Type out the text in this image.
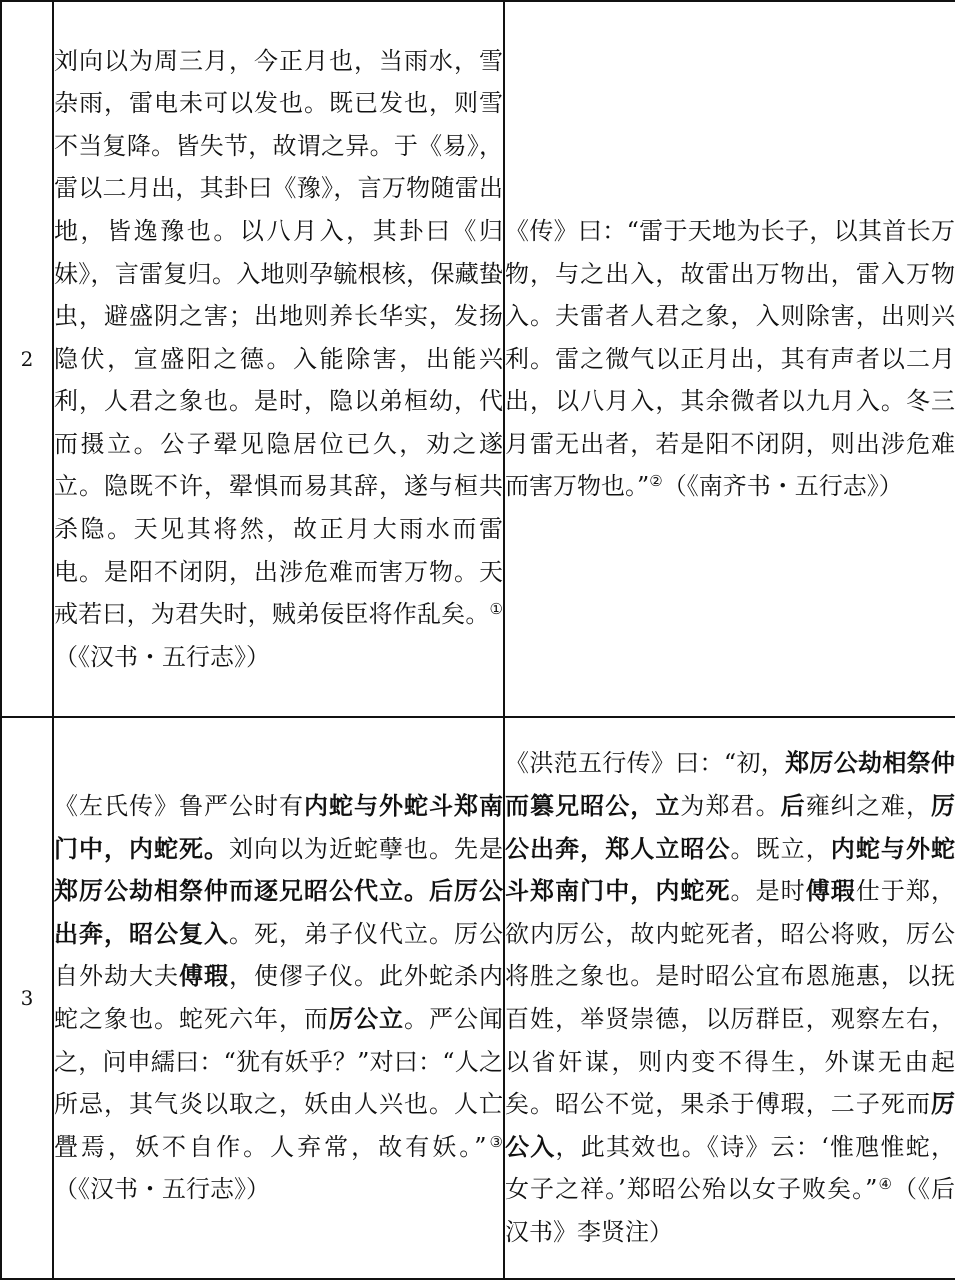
2	刘向以为周三月，今正月也，当雨水，雪杂雨，雷电未可以发也。既已发也，则雪不当复降。皆失节，故谓之异。于《易》，雷以二月出，其卦曰《豫》，言万物随雷出地，皆逸豫也。以八月入，其卦曰《归妹》，言雷复归。入地则孕毓根核，保藏蛰虫，避盛阴之害；出地则养长华实，发扬隐伏，宣盛阳之德。入能除害，出能兴利，人君之象也。是时，隐以弟桓幼，代而摄立。公子翚见隐居位已久，劝之遂立。隐既不许，翚惧而易其辞，遂与桓共杀隐。天见其将然，故正月大雨水而雷电。是阳不闭阴，出涉危难而害万物。天戒若曰，为君失时，贼弟佞臣将作乱矣。①（《汉书・五行志》）	《传》曰：“雷于天地为长子，以其首长万物，与之出入，故雷出万物出，雷入万物入。夫雷者人君之象，入则除害，出则兴利。雷之微气以正月出，其有声者以二月出，以八月入，其余微者以九月入。冬三月雷无出者，若是阳不闭阴，则出涉危难而害万物也。”②（《南齐书・五行志》）
3	《左氏传》鲁严公时有内蛇与外蛇斗郑南门中，内蛇死。刘向以为近蛇孽也。先是郑厉公劫相祭仲而逐兄昭公代立。后厉公出奔，昭公复入。死，弟子仪代立。厉公自外劫大夫傅瑕，使僇子仪。此外蛇杀内蛇之象也。蛇死六年，而厉公立。严公闻之，问申繻曰：“犹有妖乎？”对曰：“人之所忌，其气炎以取之，妖由人兴也。人亡舋焉，妖不自作。人弃常，故有妖。”③（《汉书・五行志》）	《洪范五行传》曰：“初，郑厉公劫相祭仲而篡兄昭公，立为郑君。后雍纠之难，厉公出奔，郑人立昭公。既立，内蛇与外蛇斗郑南门中，内蛇死。是时傅瑕仕于郑，欲内厉公，故内蛇死者，昭公将败，厉公将胜之象也。是时昭公宜布恩施惠，以抚百姓，举贤崇德，以厉群臣，观察左右，以省奸谋，则内变不得生，外谋无由起矣。昭公不觉，果杀于傅瑕，二子死而厉公入，此其效也。《诗》云：‘惟虺惟蛇，女子之祥。’郑昭公殆以女子败矣。”④（《后汉书》李贤注）
